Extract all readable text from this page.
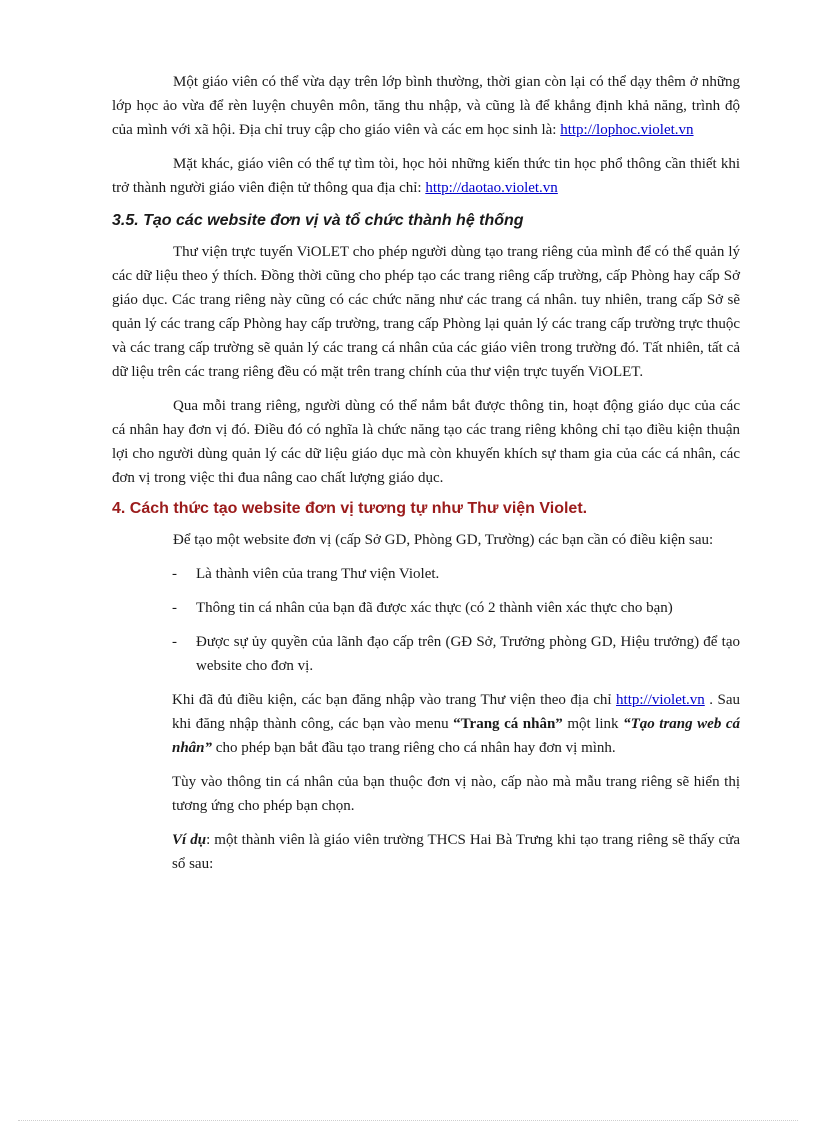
Một giáo viên có thể vừa dạy trên lớp bình thường, thời gian còn lại có thể dạy thêm ở những lớp học ảo vừa để rèn luyện chuyên môn, tăng thu nhập, và cũng là để khẳng định khả năng, trình độ của mình với xã hội. Địa chỉ truy cập cho giáo viên và các em học sinh là: http://lophoc.violet.vn

Mặt khác, giáo viên có thể tự tìm tòi, học hỏi những kiến thức tin học phổ thông cần thiết khi trở thành người giáo viên điện tử thông qua địa chỉ: http://daotao.violet.vn

3.5. Tạo các website đơn vị và tổ chức thành hệ thống

Thư viện trực tuyến ViOLET cho phép người dùng tạo trang riêng của mình để có thể quản lý các dữ liệu theo ý thích. Đồng thời cũng cho phép tạo các trang riêng cấp trường, cấp Phòng hay cấp Sở giáo dục. Các trang riêng này cũng có các chức năng như các trang cá nhân. tuy nhiên, trang cấp Sở sẽ quản lý các trang cấp Phòng hay cấp trường, trang cấp Phòng lại quản lý các trang cấp trường trực thuộc và các trang cấp trường sẽ quản lý các trang cá nhân của các giáo viên trong trường đó. Tất nhiên, tất cả dữ liệu trên các trang riêng đều có mặt trên trang chính của thư viện trực tuyến ViOLET.

Qua mỗi trang riêng, người dùng có thể nắm bắt được thông tin, hoạt động giáo dục của các cá nhân hay đơn vị đó. Điều đó có nghĩa là chức năng tạo các trang riêng không chỉ tạo điều kiện thuận lợi cho người dùng quản lý các dữ liệu giáo dục mà còn khuyến khích sự tham gia của các cá nhân, các đơn vị trong việc thi đua nâng cao chất lượng giáo dục.

4. Cách thức tạo website đơn vị tương tự như Thư viện Violet.

Để tạo một website đơn vị (cấp Sở GD, Phòng GD, Trường) các bạn cần có điều kiện sau:

- Là thành viên của trang Thư viện Violet.

- Thông tin cá nhân của bạn đã được xác thực (có 2 thành viên xác thực cho bạn)

- Được sự ủy quyền của lãnh đạo cấp trên (GĐ Sở, Trưởng phòng GD, Hiệu trưởng) để tạo website cho đơn vị.

Khi đã đủ điều kiện, các bạn đăng nhập vào trang Thư viện theo địa chỉ http://violet.vn . Sau khi đăng nhập thành công, các bạn vào menu “Trang cá nhân” một link “Tạo trang web cá nhân” cho phép bạn bắt đầu tạo trang riêng cho cá nhân hay đơn vị mình.

Tùy vào thông tin cá nhân của bạn thuộc đơn vị nào, cấp nào mà mẫu trang riêng sẽ hiển thị tương ứng cho phép bạn chọn.

Ví dụ: một thành viên là giáo viên trường THCS Hai Bà Trưng khi tạo trang riêng sẽ thấy cửa sổ sau:
